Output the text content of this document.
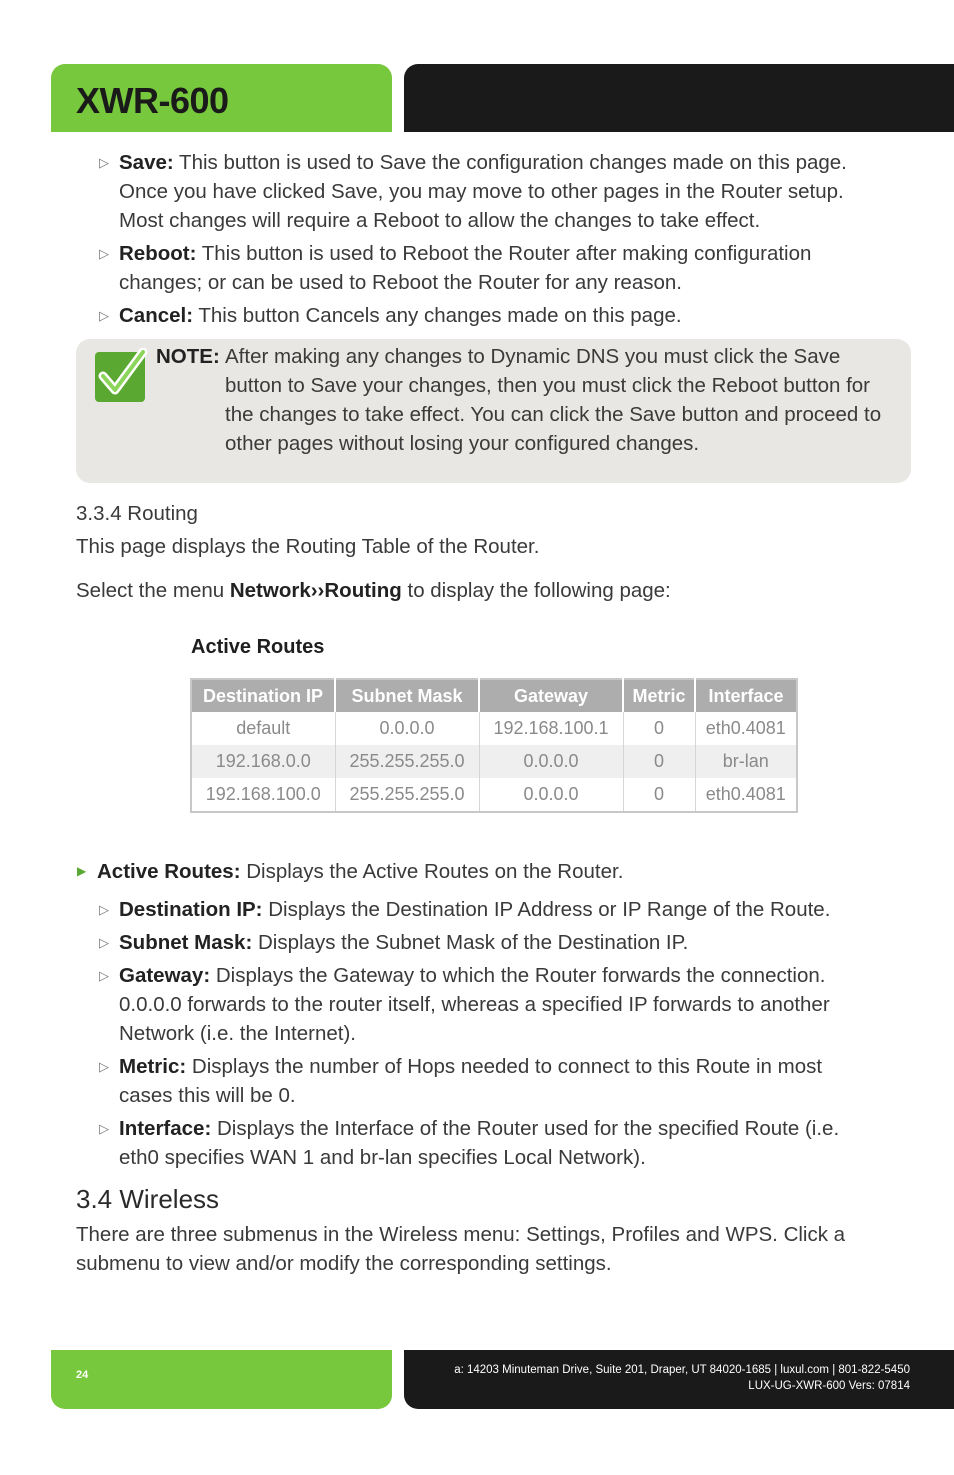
XWR-600
▷ Save: This button is used to Save the configuration changes made on this page. Once you have clicked Save, you may move to other pages in the Router setup. Most changes will require a Reboot to allow the changes to take effect.
▷ Reboot: This button is used to Reboot the Router after making configuration changes; or can be used to Reboot the Router for any reason.
▷ Cancel: This button Cancels any changes made on this page.
NOTE: After making any changes to Dynamic DNS you must click the Save button to Save your changes, then you must click the Reboot button for the changes to take effect. You can click the Save button and proceed to other pages without losing your configured changes.
3.3.4 Routing
This page displays the Routing Table of the Router.
Select the menu Network››Routing to display the following page:
Active Routes
Destination IP	Subnet Mask	Gateway	Metric	Interface
default	0.0.0.0	192.168.100.1	0	eth0.4081
192.168.0.0	255.255.255.0	0.0.0.0	0	br-lan
192.168.100.0	255.255.255.0	0.0.0.0	0	eth0.4081
▶ Active Routes: Displays the Active Routes on the Router.
▷ Destination IP: Displays the Destination IP Address or IP Range of the Route.
▷ Subnet Mask: Displays the Subnet Mask of the Destination IP.
▷ Gateway: Displays the Gateway to which the Router forwards the connection. 0.0.0.0 forwards to the router itself, whereas a specified IP forwards to another Network (i.e. the Internet).
▷ Metric: Displays the number of Hops needed to connect to this Route in most cases this will be 0.
▷ Interface: Displays the Interface of the Router used for the specified Route (i.e. eth0 specifies WAN 1 and br-lan specifies Local Network).
3.4 Wireless
There are three submenus in the Wireless menu: Settings, Profiles and WPS. Click a submenu to view and/or modify the corresponding settings.
24	a: 14203 Minuteman Drive, Suite 201, Draper, UT 84020-1685 | luxul.com | 801-822-5450
LUX-UG-XWR-600 Vers: 07814
